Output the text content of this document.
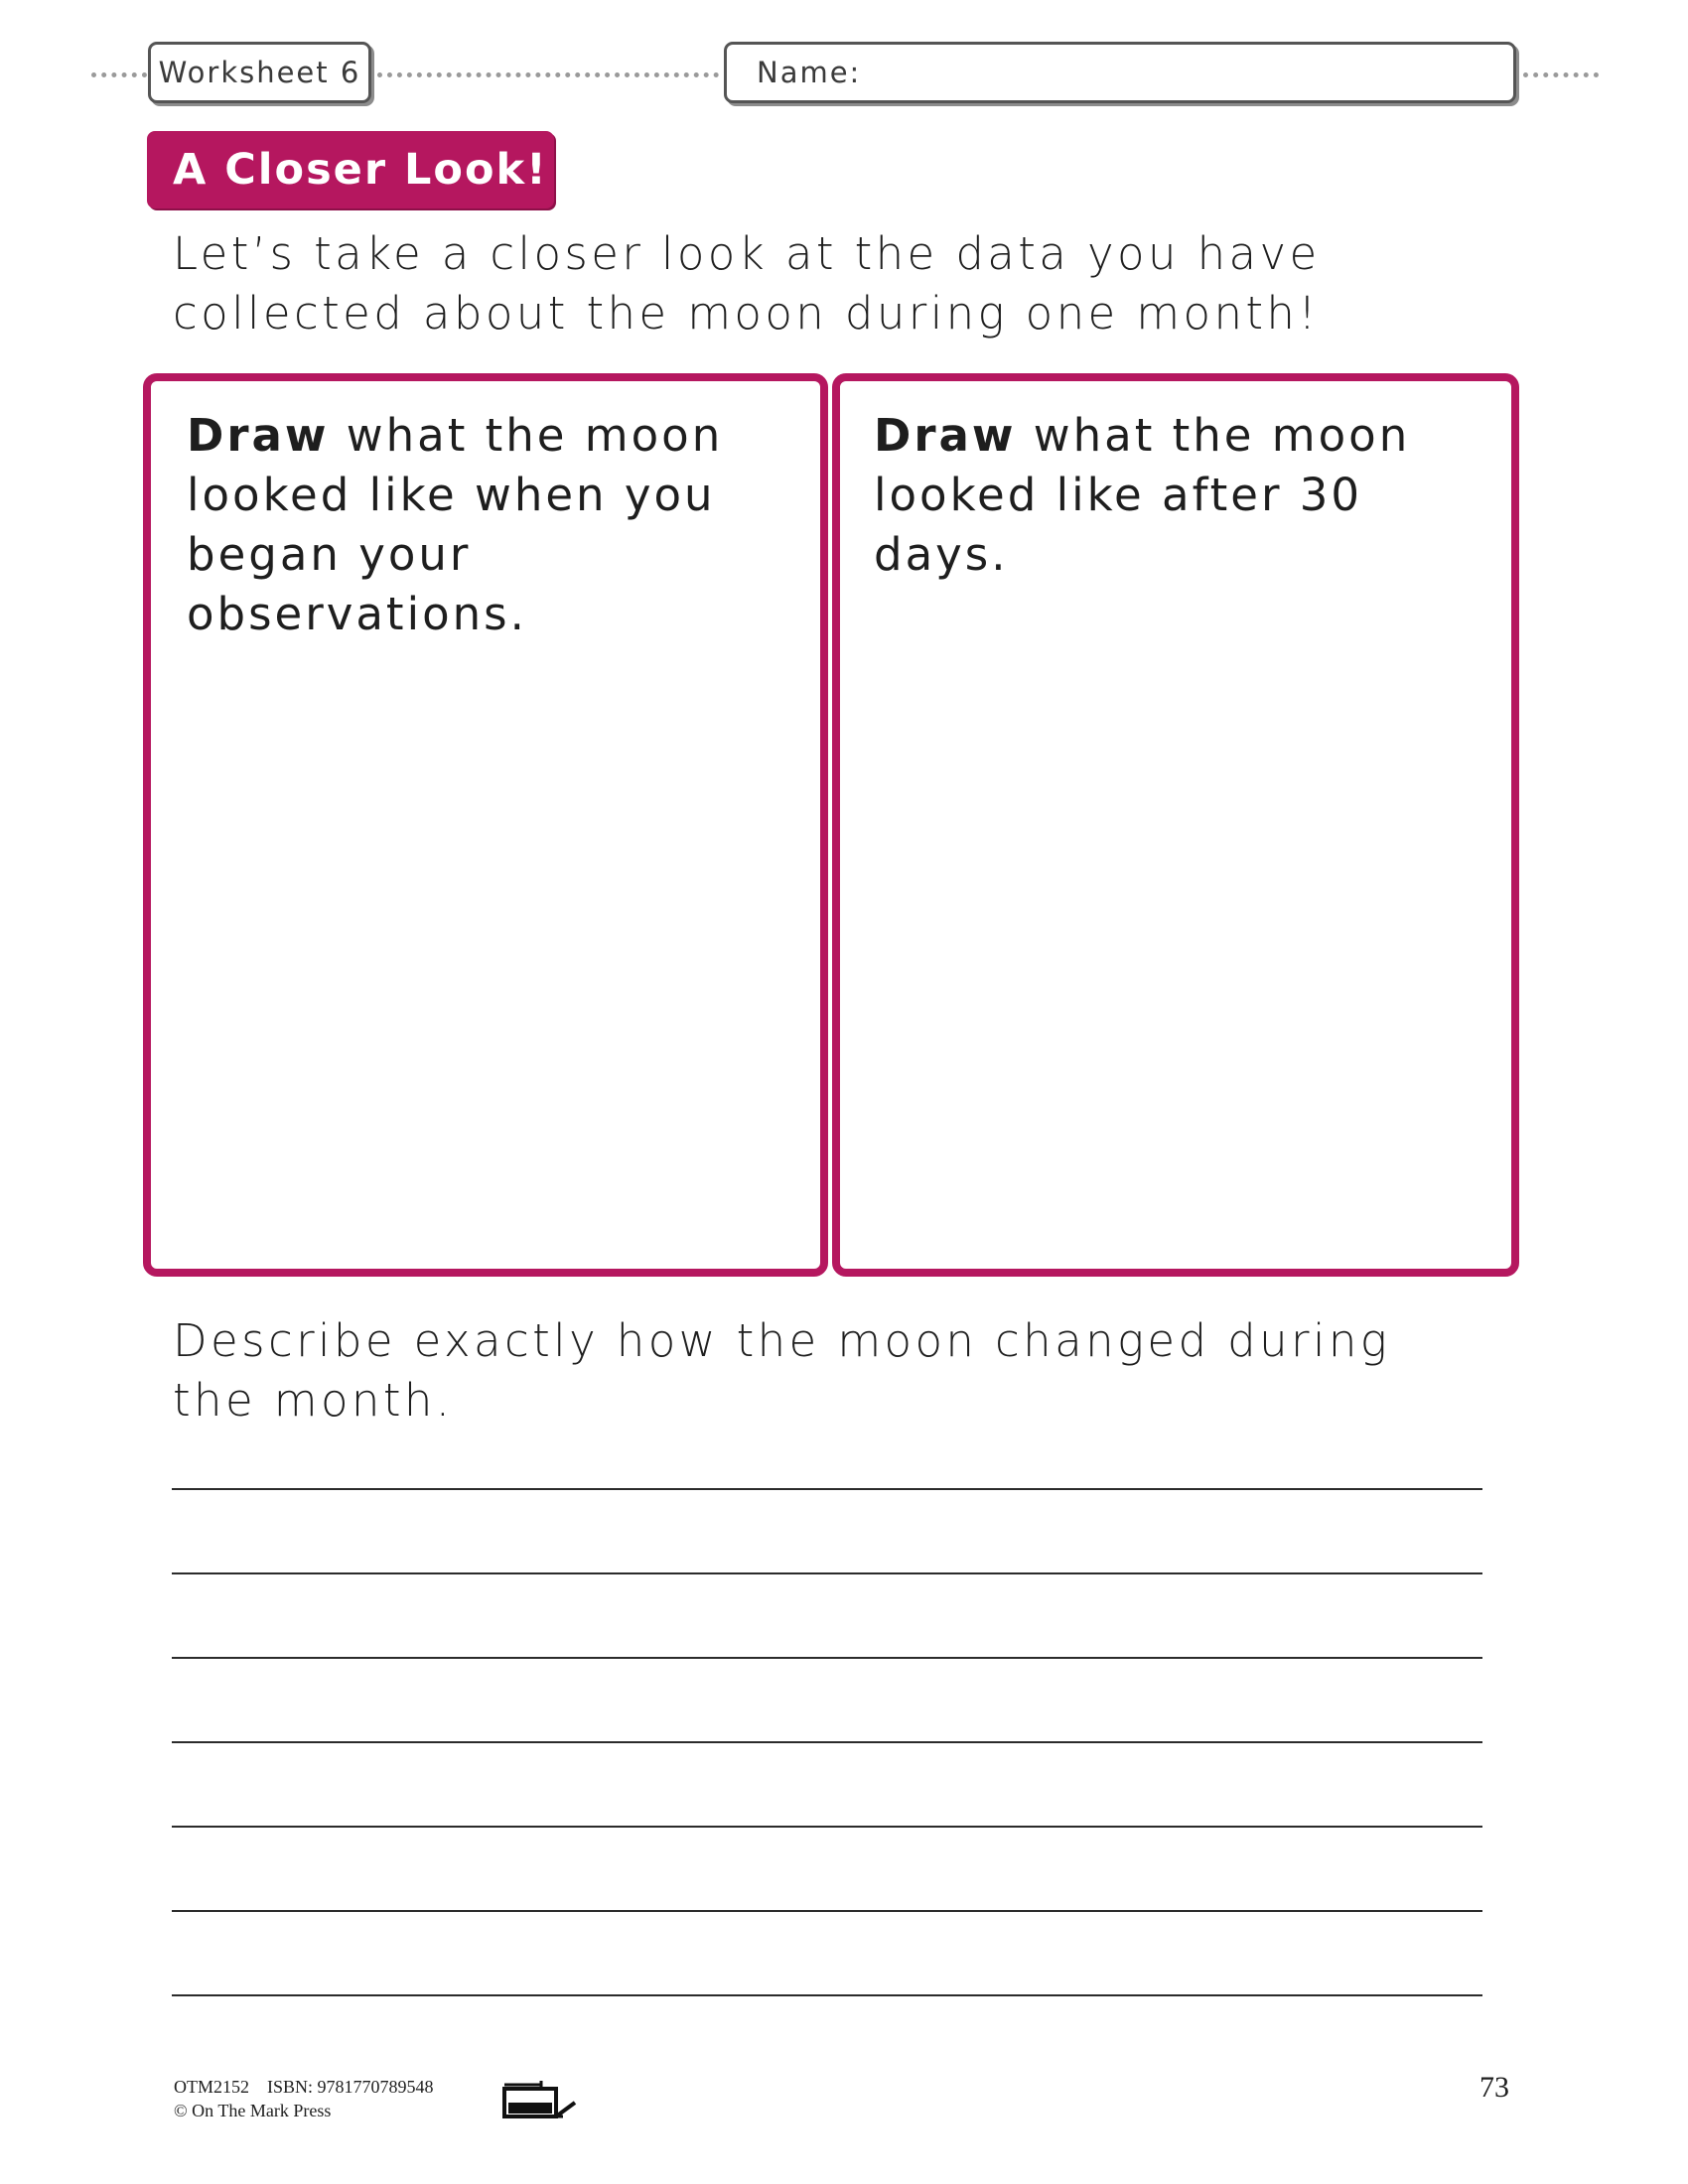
Worksheet 6	Name:
A Closer Look!

Let’s take a closer look at the data you have collected about the moon during one month!

Draw what the moon looked like when you began your observations.

Draw what the moon looked like after 30 days.

Describe exactly how the moon changed during the month.

OTM2152    ISBN: 9781770789548
© On The Mark Press
73
